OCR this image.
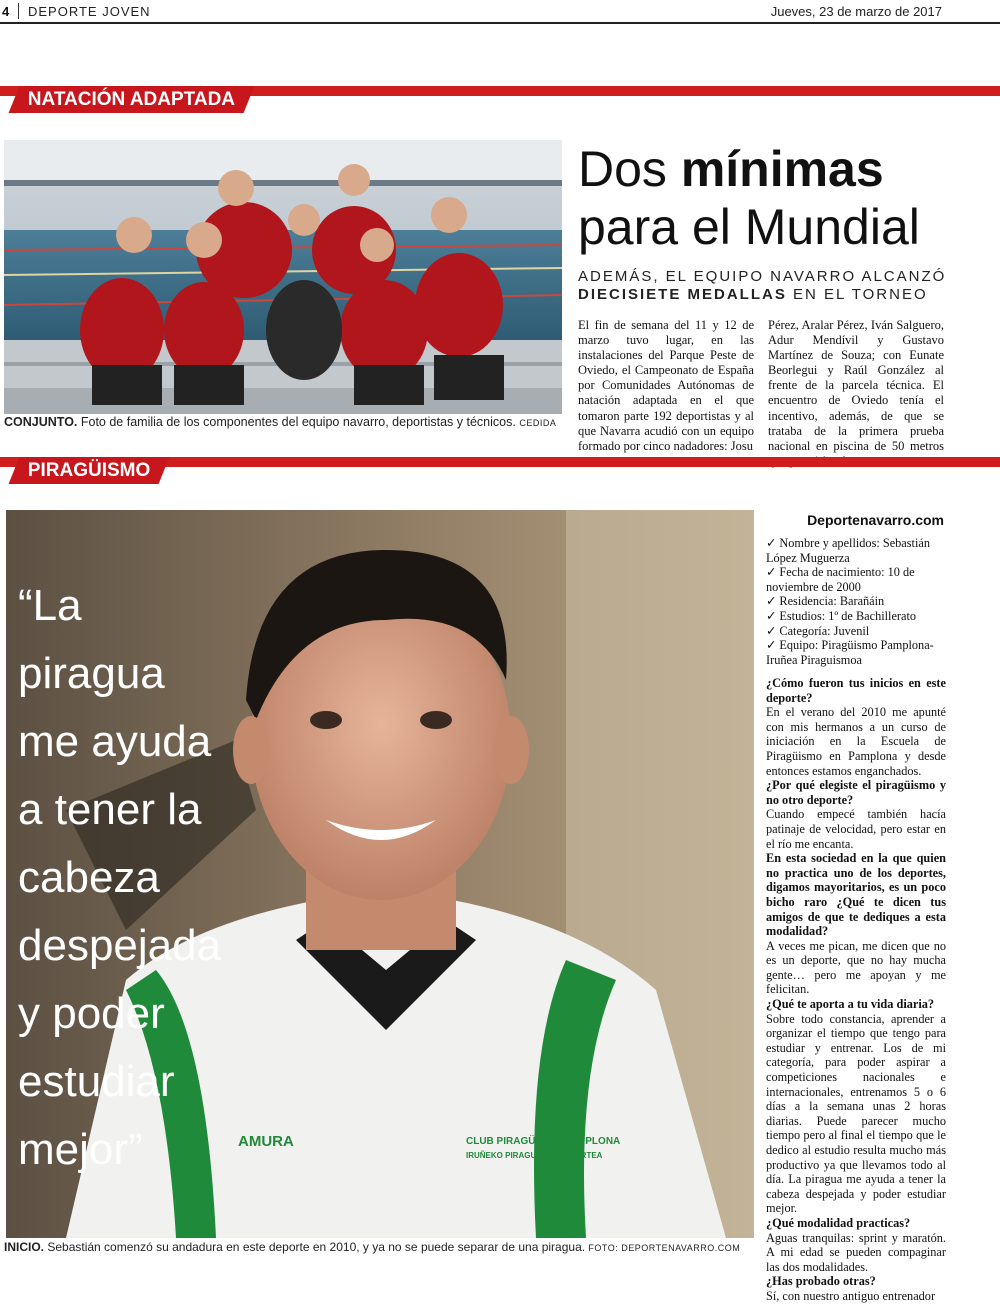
4 DEPORTE JOVEN	Jueves, 23 de marzo de 2017
NATACIÓN ADAPTADA
CONJUNTO. Foto de familia de los componentes del equipo navarro, deportistas y técnicos. CEDIDA
Dos mínimas
para el Mundial
ADEMÁS, EL EQUIPO NAVARRO ALCANZÓ
DIECISIETE MEDALLAS EN EL TORNEO

El fin de semana del 11 y 12 de marzo tuvo lugar, en las instalaciones del Parque Peste de Oviedo, el Campeonato de España por Comunidades Autónomas de natación adaptada en el que tomaron parte 192 deportistas y al que Navarra acudió con un equipo formado por cinco nadadores: Josu

Pérez, Aralar Pérez, Iván Salguero, Adur Mendívil y Gustavo Martínez de Souza; con Eunate Beorlegui y Raúl González al frente de la parcela técnica. El encuentro de Oviedo tenía el incentivo, además, de que se trataba de la primera prueba nacional en piscina de 50 metros

PIRAGÜISMO
AMURA	CLUB PIRAGÜISMO PAMPLONA
IRUÑEKO PIRAGUISMO ELKARTEA
“La piragua me ayuda a tener la cabeza despejada y poder estudiar mejor”
INICIO. Sebastián comenzó su andadura en este deporte en 2010, y ya no se puede separar de una piragua. FOTO: DEPORTENAVARRO.COM
Deportenavarro.com
✓ Nombre y apellidos: Sebastián López Muguerza
✓ Fecha de nacimiento: 10 de noviembre de 2000
✓ Residencia: Barañáin
✓ Estudios: 1º de Bachillerato
✓ Categoría: Juvenil
✓ Equipo: Piragüismo Pamplona-Iruñea Piraguismoa

¿Cómo fueron tus inicios en este deporte?

En el verano del 2010 me apunté con mis hermanos a un curso de iniciación en la Escuela de Piragüismo en Pamplona y desde entonces estamos enganchados.

¿Por qué elegiste el piragüismo y no otro deporte?

Cuando empecé también hacía patinaje de velocidad, pero estar en el río me encanta.

En esta sociedad en la que quien no practica uno de los deportes, digamos mayoritarios, es un poco bicho raro ¿Qué te dicen tus amigos de que te dediques a esta modalidad?

A veces me pican, me dicen que no es un deporte, que no hay mucha gente… pero me apoyan y me felicitan.

¿Qué te aporta a tu vida diaria?

Sobre todo constancia, aprender a organizar el tiempo que tengo para estudiar y entrenar. Los de mi categoría, para poder aspirar a competiciones nacionales e internacionales, entrenamos 5 o 6 días a la semana unas 2 horas diarias. Puede parecer mucho tiempo pero al final el tiempo que le dedico al estudio resulta mucho más productivo ya que llevamos todo al día. La piragua me ayuda a tener la cabeza despejada y poder estudiar mejor.

¿Qué modalidad practicas?

Aguas tranquilas: sprint y maratón. A mi edad se pueden compaginar las dos modalidades.

¿Has probado otras?

Sí, con nuestro antiguo entrenador
